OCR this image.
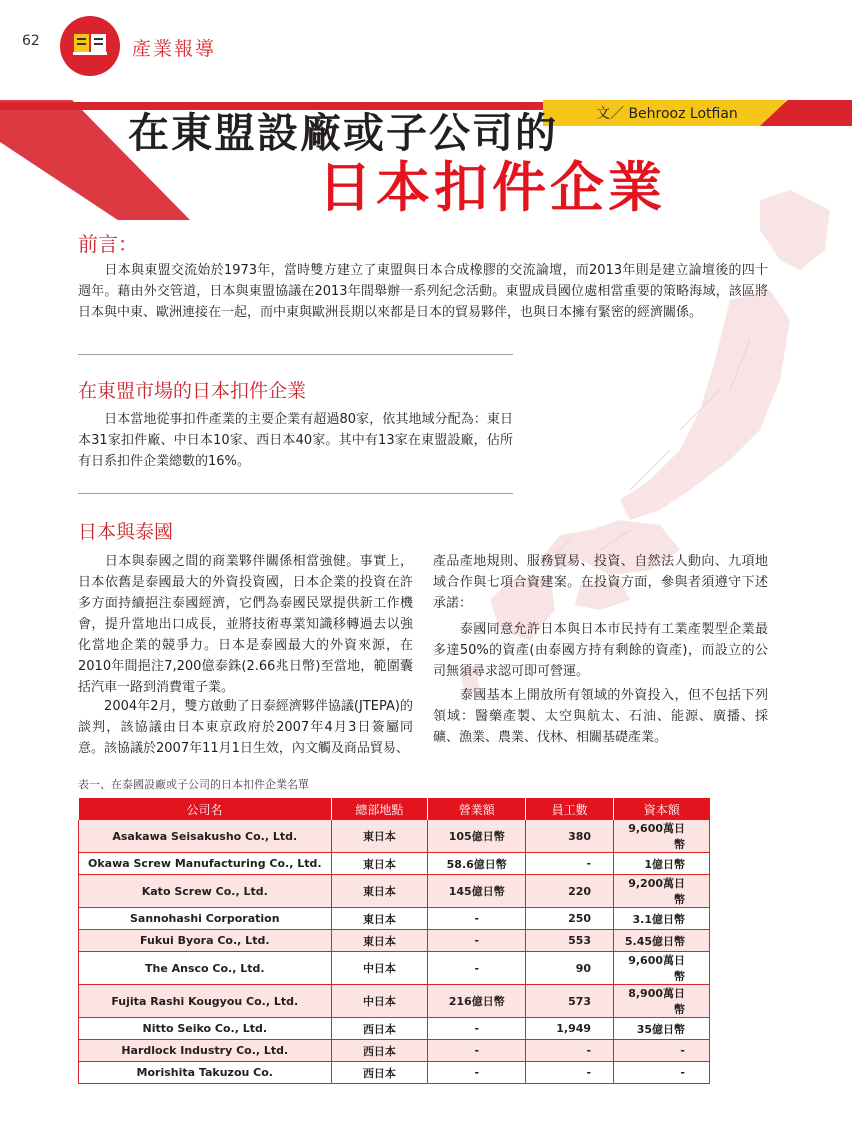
62	產業報導
文／ Behrooz Lotfian
在東盟設廠或子公司的
日本扣件企業
前言：
　　日本與東盟交流始於1973年，當時雙方建立了東盟與日本合成橡膠的交流論壇，而2013年則是建立論壇後的四十週年。藉由外交管道，日本與東盟協議在2013年間舉辦一系列紀念活動。東盟成員國位處相當重要的策略海域，該區將日本與中東、歐洲連接在一起，而中東與歐洲長期以來都是日本的貿易夥伴，也與日本擁有緊密的經濟關係。
在東盟市場的日本扣件企業
　　日本當地從事扣件產業的主要企業有超過80家，依其地域分配為：東日本31家扣件廠、中日本10家、西日本40家。其中有13家在東盟設廠，佔所有日系扣件企業總數的16%。
日本與泰國
　　日本與泰國之間的商業夥伴關係相當強健。事實上，日本依舊是泰國最大的外資投資國，日本企業的投資在許多方面持續挹注泰國經濟，它們為泰國民眾提供新工作機會，提升當地出口成長，並將技術專業知識移轉過去以強化當地企業的競爭力。日本是泰國最大的外資來源，在2010年間挹注7,200億泰銖(2.66兆日幣)至當地，範圍囊括汽車一路到消費電子業。
　　2004年2月，雙方啟動了日泰經濟夥伴協議(JTEPA)的談判，該協議由日本東京政府於2007年4月3日簽屬同意。該協議於2007年11月1日生效，內文觸及商品貿易、
產品產地規則、服務貿易、投資、自然法人動向、九項地域合作與七項合資建案。在投資方面，參與者須遵守下述承諾：
　　泰國同意允許日本與日本市民持有工業產製型企業最多達50%的資產(由泰國方持有剩餘的資產)，而設立的公司無須尋求認可即可營運。
　　泰國基本上開放所有領域的外資投入，但不包括下列領域：醫藥產製、太空與航太、石油、能源、廣播、採礦、漁業、農業、伐林、相關基礎產業。
表一、在泰國設廠或子公司的日本扣件企業名單
公司名	總部地點	營業額	員工數	資本額
Asakawa Seisakusho Co., Ltd.	東日本	105億日幣	380	9,600萬日幣
Okawa Screw Manufacturing Co., Ltd.	東日本	58.6億日幣	-	1億日幣
Kato Screw Co., Ltd.	東日本	145億日幣	220	9,200萬日幣
Sannohashi Corporation	東日本	-	250	3.1億日幣
Fukui Byora Co., Ltd.	東日本	-	553	5.45億日幣
The Ansco Co., Ltd.	中日本	-	90	9,600萬日幣
Fujita Rashi Kougyou Co., Ltd.	中日本	216億日幣	573	8,900萬日幣
Nitto Seiko Co., Ltd.	西日本	-	1,949	35億日幣
Hardlock Industry Co., Ltd.	西日本	-	-	-
Morishita Takuzou Co.	西日本	-	-	-
